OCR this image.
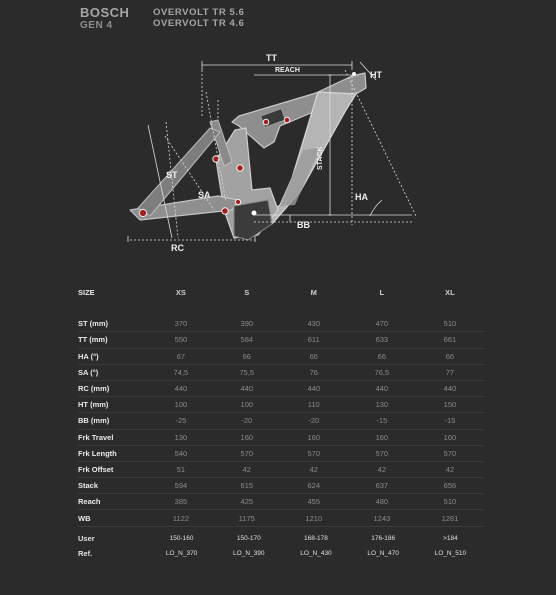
BOSCH
GEN 4
OVERVOLT TR 5.6
OVERVOLT TR 4.6
TT
REACH	HT
ST
STACK
SA	HA
BB
RC
SIZE	XS	S	M	L	XL

ST (mm)	370	390	430	470	510
TT (mm)	550	584	611	633	661
HA (°)	67	66	66	66	66
SA (°)	74,5	75,5	76	76,5	77
RC (mm)	440	440	440	440	440
HT (mm)	100	100	110	130	150
BB (mm)	-25	-20	-20	-15	-15
Frk Travel	130	160	160	160	160
Frk Length	540	570	570	570	570
Frk Offset	51	42	42	42	42
Stack	594	615	624	637	656
Reach	385	425	455	480	510
WB	1122	1175	1210	1243	1281
User	150-160	150-170	168-178	176-186	>184
Ref.	LO_N_370	LO_N_390	LO_N_430	LO_N_470	LO_N_510
